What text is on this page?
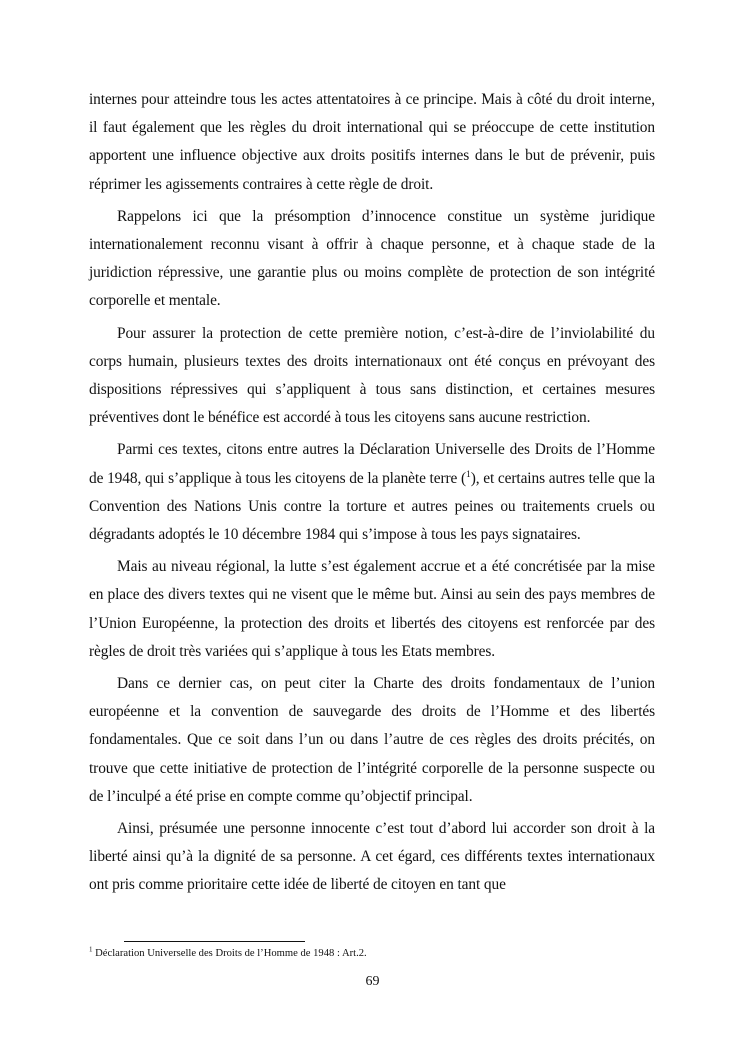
internes pour atteindre tous les actes attentatoires à ce principe. Mais à côté du droit interne, il faut également que les règles du droit international qui se préoccupe de cette institution apportent une influence objective aux droits positifs internes dans le but de prévenir, puis réprimer les agissements contraires à cette règle de droit.

Rappelons ici que la présomption d’innocence constitue un système juridique internationalement reconnu visant à offrir à chaque personne, et à chaque stade de la juridiction répressive, une garantie plus ou moins complète de protection de son intégrité corporelle et mentale.

Pour assurer la protection de cette première notion, c’est-à-dire de l’inviolabilité du corps humain, plusieurs textes des droits internationaux ont été conçus en prévoyant des dispositions répressives qui s’appliquent à tous sans distinction, et certaines mesures préventives dont le bénéfice est accordé à tous les citoyens sans aucune restriction.

Parmi ces textes, citons entre autres la Déclaration Universelle des Droits de l’Homme de 1948, qui s’applique à tous les citoyens de la planète terre ($^1$), et certains autres telle que la Convention des Nations Unis contre la torture et autres peines ou traitements cruels ou dégradants adoptés le 10 décembre 1984 qui s’impose à tous les pays signataires.

Mais au niveau régional, la lutte s’est également accrue et a été concrétisée par la mise en place des divers textes qui ne visent que le même but. Ainsi au sein des pays membres de l’Union Européenne, la protection des droits et libertés des citoyens est renforcée par des règles de droit très variées qui s’applique à tous les Etats membres.

Dans ce dernier cas, on peut citer la Charte des droits fondamentaux de l’union européenne et la convention de sauvegarde des droits de l’Homme et des libertés fondamentales. Que ce soit dans l’un ou dans l’autre de ces règles des droits précités, on trouve que cette initiative de protection de l’intégrité corporelle de la personne suspecte ou de l’inculpé a été prise en compte comme qu’objectif principal.

Ainsi, présumée une personne innocente c’est tout d’abord lui accorder son droit à la liberté ainsi qu’à la dignité de sa personne. A cet égard, ces différents textes internationaux ont pris comme prioritaire cette idée de liberté de citoyen en tant que

$^1$ Déclaration Universelle des Droits de l’Homme de 1948 : Art.2.
69
